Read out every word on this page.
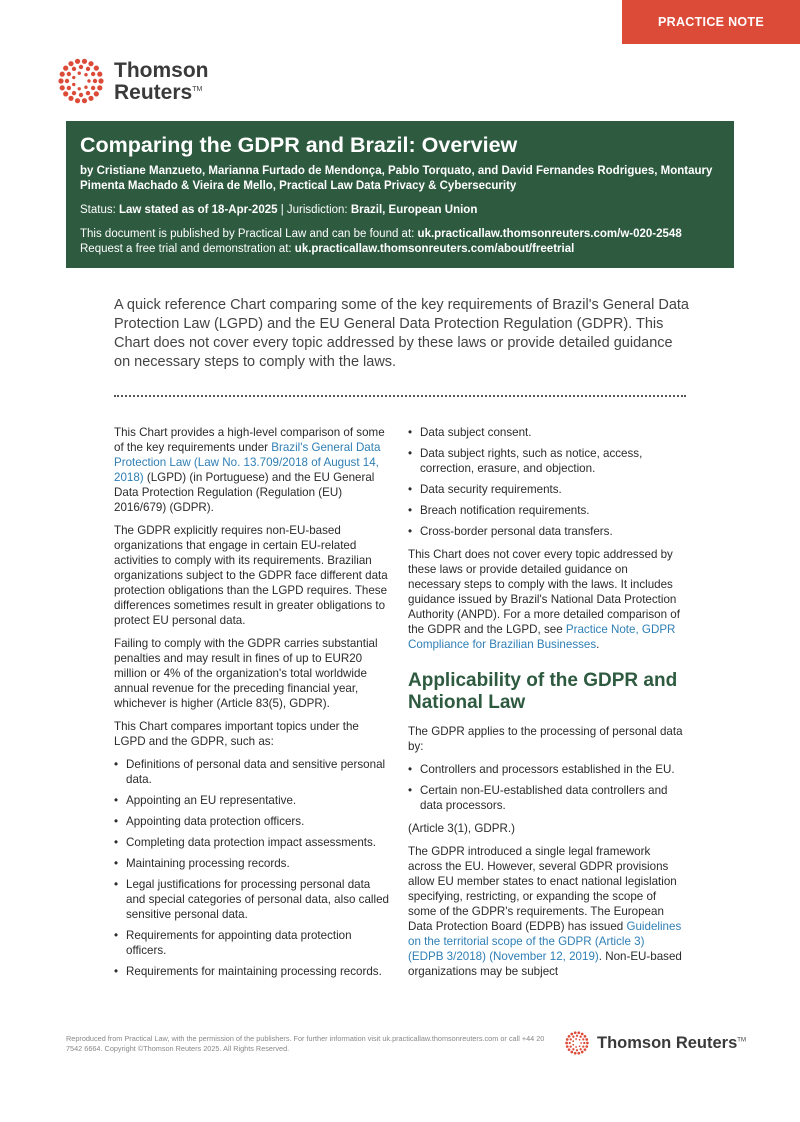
PRACTICE NOTE
Thomson
Reuters™
Comparing the GDPR and Brazil: Overview

by Cristiane Manzueto, Marianna Furtado de Mendonça, Pablo Torquato, and David Fernandes Rodrigues, Montaury Pimenta Machado & Vieira de Mello, Practical Law Data Privacy & Cybersecurity

Status: Law stated as of 18-Apr-2025 | Jurisdiction: Brazil, European Union

This document is published by Practical Law and can be found at: uk.practicallaw.thomsonreuters.com/w-020-2548
Request a free trial and demonstration at: uk.practicallaw.thomsonreuters.com/about/freetrial

A quick reference Chart comparing some of the key requirements of Brazil's General Data Protection Law (LGPD) and the EU General Data Protection Regulation (GDPR). This Chart does not cover every topic addressed by these laws or provide detailed guidance on necessary steps to comply with the laws.

This Chart provides a high-level comparison of some of the key requirements under Brazil's General Data Protection Law (Law No. 13.709/2018 of August 14, 2018) (LGPD) (in Portuguese) and the EU General Data Protection Regulation (Regulation (EU) 2016/679) (GDPR).

The GDPR explicitly requires non-EU-based organizations that engage in certain EU-related activities to comply with its requirements. Brazilian organizations subject to the GDPR face different data protection obligations than the LGPD requires. These differences sometimes result in greater obligations to protect EU personal data.

Failing to comply with the GDPR carries substantial penalties and may result in fines of up to EUR20 million or 4% of the organization's total worldwide annual revenue for the preceding financial year, whichever is higher (Article 83(5), GDPR).

This Chart compares important topics under the LGPD and the GDPR, such as:

• Definitions of personal data and sensitive personal data.
• Appointing an EU representative.
• Appointing data protection officers.
• Completing data protection impact assessments.
• Maintaining processing records.
• Legal justifications for processing personal data and special categories of personal data, also called sensitive personal data.
• Requirements for appointing data protection officers.
• Requirements for maintaining processing records.
• Data subject consent.
• Data subject rights, such as notice, access, correction, erasure, and objection.
• Data security requirements.
• Breach notification requirements.
• Cross-border personal data transfers.

This Chart does not cover every topic addressed by these laws or provide detailed guidance on necessary steps to comply with the laws. It includes guidance issued by Brazil's National Data Protection Authority (ANPD). For a more detailed comparison of the GDPR and the LGPD, see Practice Note, GDPR Compliance for Brazilian Businesses.

Applicability of the GDPR and National Law

The GDPR applies to the processing of personal data by:

• Controllers and processors established in the EU.
• Certain non-EU-established data controllers and data processors.

(Article 3(1), GDPR.)

The GDPR introduced a single legal framework across the EU. However, several GDPR provisions allow EU member states to enact national legislation specifying, restricting, or expanding the scope of some of the GDPR's requirements. The European Data Protection Board (EDPB) has issued Guidelines on the territorial scope of the GDPR (Article 3) (EDPB 3/2018) (November 12, 2019). Non-EU-based organizations may be subject

Reproduced from Practical Law, with the permission of the publishers. For further information visit uk.practicallaw.thomsonreuters.com or call +44 20 7542 6664. Copyright ©Thomson Reuters 2025. All Rights Reserved.	Thomson Reuters™
